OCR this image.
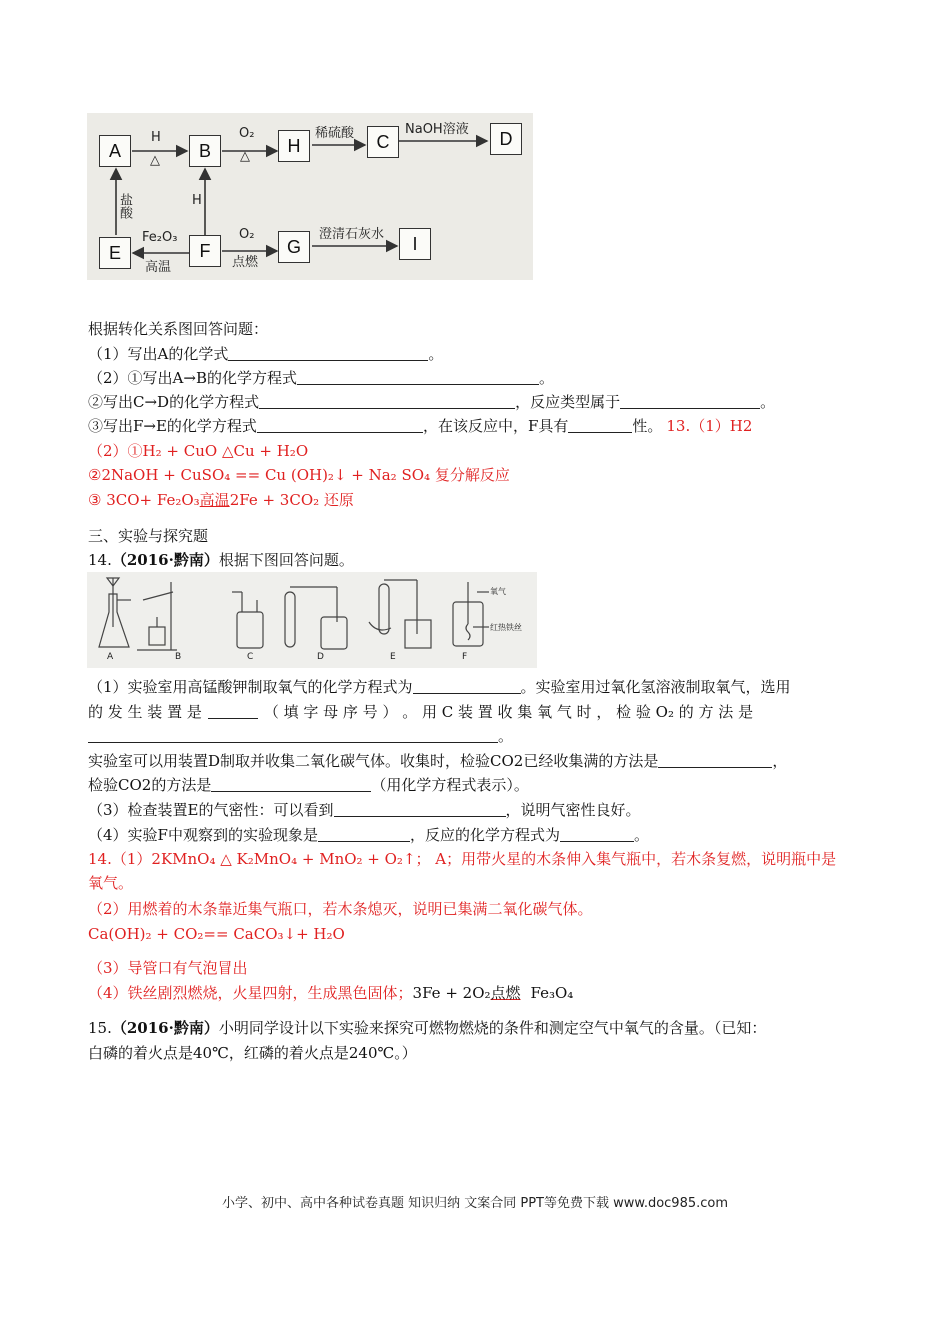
A	B	H	C	D
E	F	G	I
H
△
O₂
△
稀硫酸	NaOH溶液
盐酸	H
Fe₂O₃
高温
O₂
点燃
澄清石灰水
根据转化关系图回答问题：
（1）写出A的化学式	。
（2）①写出A→B的化学方程式	。
②写出C→D的化学方程式	，反应类型属于	。
③写出F→E的化学方程式	，在该反应中，F具有	性。 13.（1）H2
（2）①H₂ + CuO △Cu + H₂O
②2NaOH + CuSO₄ == Cu (OH)₂↓ + Na₂ SO₄ 复分解反应
③ 3CO+ Fe₂O₃高温2Fe + 3CO₂ 还原
三、实验与探究题
14.（2016·黔南）根据下图回答问题。
A	B	C	D	E	F
氧气
红热铁丝
（1）实验室用高锰酸钾制取氧气的化学方程式为	。实验室用过氧化氢溶液制取氧气，选用
的 发 生 装 置 是	（ 填 字 母 序 号 ） 。 用 C 装 置 收 集 氧 气 时 ， 检 验 O₂ 的 方 法 是
。
实验室可以用装置D制取并收集二氧化碳气体。收集时，检验CO2已经收集满的方法是	，
检验CO2的方法是	（用化学方程式表示）。
（3）检查装置E的气密性：可以看到	，说明气密性良好。
（4）实验F中观察到的实验现象是	，反应的化学方程式为	。
14.（1）2KMnO₄ △ K₂MnO₄ + MnO₂ + O₂↑； A；用带火星的木条伸入集气瓶中，若木条复燃，说明瓶中是
氧气。
（2）用燃着的木条靠近集气瓶口，若木条熄灭，说明已集满二氧化碳气体。
Ca(OH)₂ + CO₂== CaCO₃↓+ H₂O
（3）导管口有气泡冒出
（4）铁丝剧烈燃烧，火星四射，生成黑色固体；3Fe + 2O₂点燃 Fe₃O₄
15.（2016·黔南）小明同学设计以下实验来探究可燃物燃烧的条件和测定空气中氧气的含量。（已知：
白磷的着火点是40℃，红磷的着火点是240℃。）
小学、初中、高中各种试卷真题 知识归纳 文案合同 PPT等免费下载 www.doc985.com
